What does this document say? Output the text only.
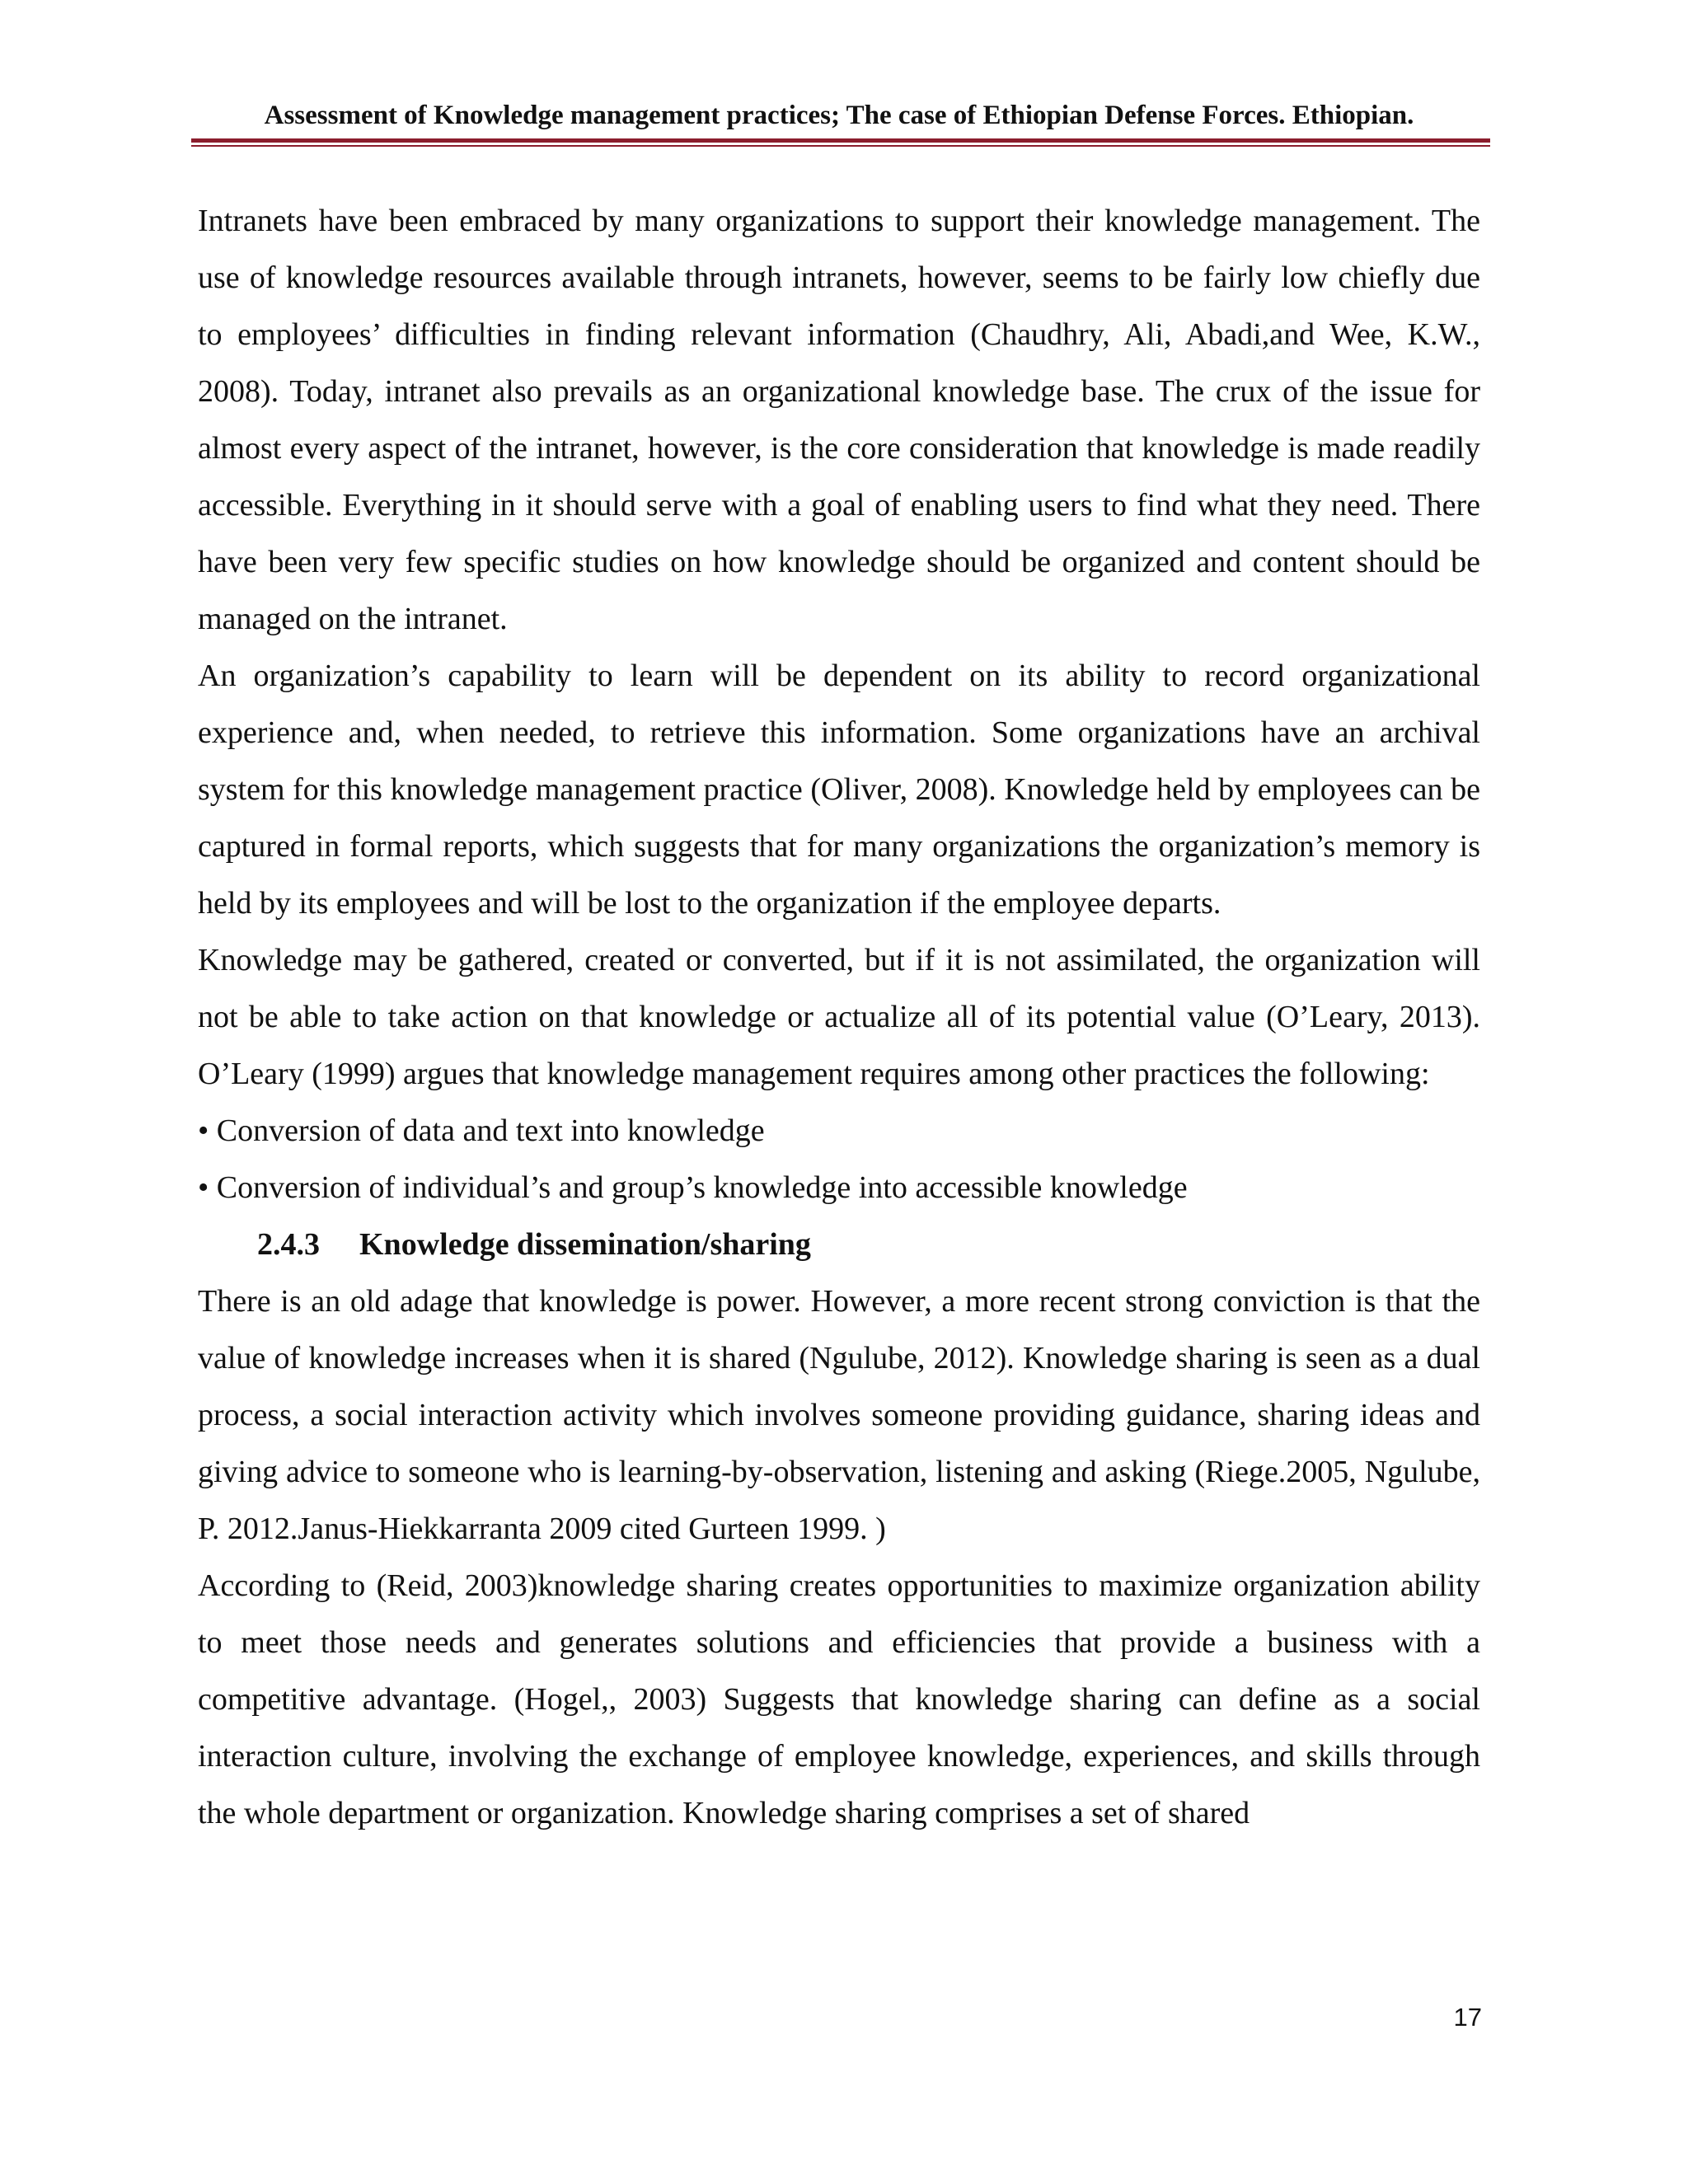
Assessment of Knowledge management practices; The case of Ethiopian Defense Forces. Ethiopian.

Intranets have been embraced by many organizations to support their knowledge management. The use of knowledge resources available through intranets, however, seems to be fairly low chiefly due to employees’ difficulties in finding relevant information (Chaudhry, Ali, Abadi,and Wee, K.W., 2008). Today, intranet also prevails as an organizational knowledge base. The crux of the issue for almost every aspect of the intranet, however, is the core consideration that knowledge is made readily accessible. Everything in it should serve with a goal of enabling users to find what they need. There have been very few specific studies on how knowledge should be organized and content should be managed on the intranet.

An organization’s capability to learn will be dependent on its ability to record organizational experience and, when needed, to retrieve this information. Some organizations have an archival system for this knowledge management practice (Oliver, 2008). Knowledge held by employees can be captured in formal reports, which suggests that for many organizations the organization’s memory is held by its employees and will be lost to the organization if the employee departs.

Knowledge may be gathered, created or converted, but if it is not assimilated, the organization will not be able to take action on that knowledge or actualize all of its potential value (O’Leary, 2013). O’Leary (1999) argues that knowledge management requires among other practices the following:

• Conversion of data and text into knowledge

• Conversion of individual’s and group’s knowledge into accessible knowledge

2.4.3 Knowledge dissemination/sharing

There is an old adage that knowledge is power. However, a more recent strong conviction is that the value of knowledge increases when it is shared (Ngulube, 2012). Knowledge sharing is seen as a dual process, a social interaction activity which involves someone providing guidance, sharing ideas and giving advice to someone who is learning-by-observation, listening and asking (Riege.2005, Ngulube, P. 2012.Janus-Hiekkarranta 2009 cited Gurteen 1999. )

According to (Reid, 2003)knowledge sharing creates opportunities to maximize organization ability to meet those needs and generates solutions and efficiencies that provide a business with a competitive advantage. (Hogel,, 2003) Suggests that knowledge sharing can define as a social interaction culture, involving the exchange of employee knowledge, experiences, and skills through the whole department or organization. Knowledge sharing comprises a set of shared

17
